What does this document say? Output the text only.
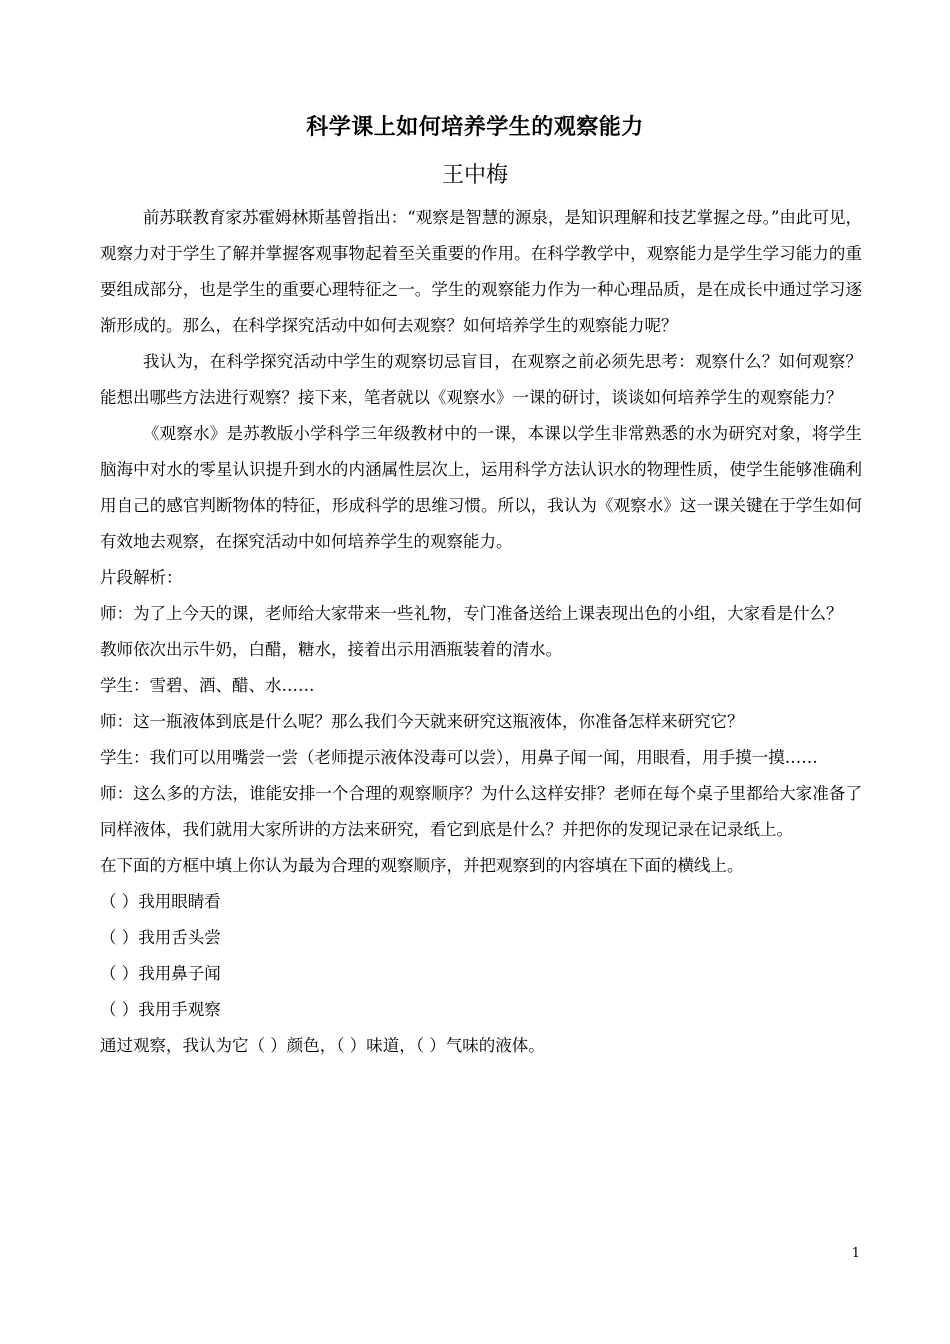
科学课上如何培养学生的观察能力
王中梅

前苏联教育家苏霍姆林斯基曾指出：“观察是智慧的源泉，是知识理解和技艺掌握之母。”由此可见，观察力对于学生了解并掌握客观事物起着至关重要的作用。在科学教学中，观察能力是学生学习能力的重要组成部分，也是学生的重要心理特征之一。学生的观察能力作为一种心理品质，是在成长中通过学习逐渐形成的。那么，在科学探究活动中如何去观察？如何培养学生的观察能力呢？

我认为，在科学探究活动中学生的观察切忌盲目，在观察之前必须先思考：观察什么？如何观察？能想出哪些方法进行观察？接下来，笔者就以《观察水》一课的研讨，谈谈如何培养学生的观察能力？

《观察水》是苏教版小学科学三年级教材中的一课，本课以学生非常熟悉的水为研究对象，将学生脑海中对水的零星认识提升到水的内涵属性层次上，运用科学方法认识水的物理性质，使学生能够准确利用自己的感官判断物体的特征，形成科学的思维习惯。所以，我认为《观察水》这一课关键在于学生如何有效地去观察，在探究活动中如何培养学生的观察能力。

片段解析：

师：为了上今天的课，老师给大家带来一些礼物，专门准备送给上课表现出色的小组，大家看是什么？

教师依次出示牛奶，白醋，糖水，接着出示用酒瓶装着的清水。

学生：雪碧、酒、醋、水……

师：这一瓶液体到底是什么呢？那么我们今天就来研究这瓶液体，你准备怎样来研究它？

学生：我们可以用嘴尝一尝（老师提示液体没毒可以尝），用鼻子闻一闻，用眼看，用手摸一摸……

师：这么多的方法，谁能安排一个合理的观察顺序？为什么这样安排？老师在每个桌子里都给大家准备了同样液体，我们就用大家所讲的方法来研究，看它到底是什么？并把你的发现记录在记录纸上。

在下面的方框中填上你认为最为合理的观察顺序，并把观察到的内容填在下面的横线上。

（ ）我用眼睛看

（ ）我用舌头尝

（ ）我用鼻子闻

（ ）我用手观察

通过观察，我认为它（ ）颜色，（ ）味道，（ ）气味的液体。

1
